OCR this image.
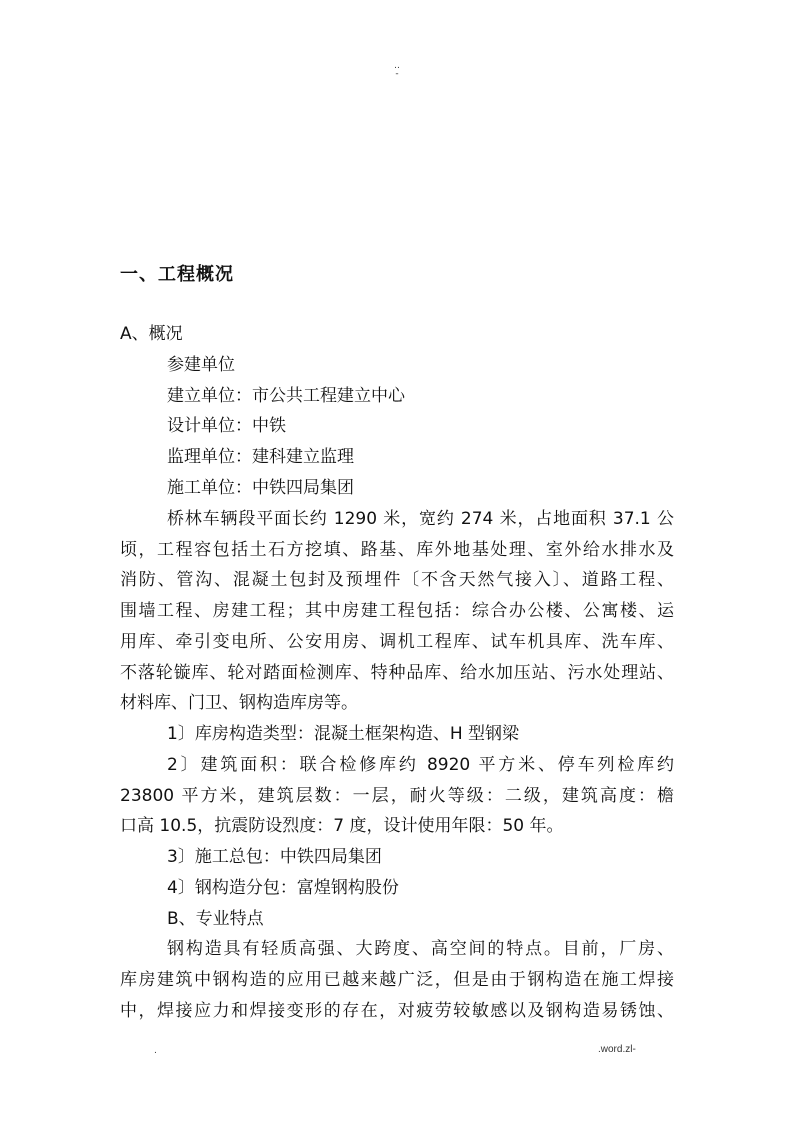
..
-
一、工程概况
A、概况
参建单位
建立单位：市公共工程建立中心
设计单位：中铁
监理单位：建科建立监理
施工单位：中铁四局集团
桥林车辆段平面长约 1290 米，宽约 274 米，占地面积 37.1 公
顷，工程容包括土石方挖填、路基、库外地基处理、室外给水排水及
消防、管沟、混凝土包封及预埋件〔不含天然气接入〕、道路工程、
围墙工程、房建工程；其中房建工程包括：综合办公楼、公寓楼、运
用库、牵引变电所、公安用房、调机工程库、试车机具库、洗车库、
不落轮镟库、轮对踏面检测库、特种品库、给水加压站、污水处理站、
材料库、门卫、钢构造库房等。
1〕库房构造类型：混凝土框架构造、H 型钢梁
2〕建筑面积：联合检修库约 8920 平方米、停车列检库约
23800 平方米，建筑层数：一层，耐火等级：二级，建筑高度：檐
口高 10.5，抗震防设烈度：7 度，设计使用年限：50 年。
3〕施工总包：中铁四局集团
4〕钢构造分包：富煌钢构股份
B、专业特点
钢构造具有轻质高强、大跨度、高空间的特点。目前，厂房、
库房建筑中钢构造的应用已越来越广泛，但是由于钢构造在施工焊接
中，焊接应力和焊接变形的存在，对疲劳较敏感以及钢构造易锈蚀、
.	.word.zl-
